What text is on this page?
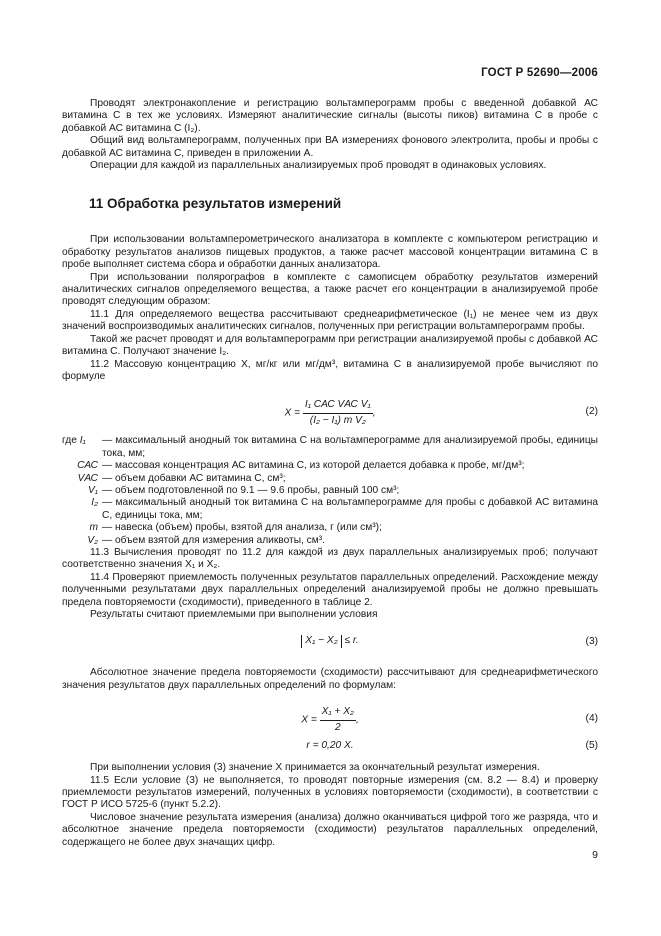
ГОСТ Р 52690—2006

Проводят электронакопление и регистрацию вольтамперограмм пробы с введенной добавкой АС витамина С в тех же условиях. Измеряют аналитические сигналы (высоты пиков) витамина С в пробе с добавкой АС витамина С (I₂).

Общий вид вольтамперограмм, полученных при ВА измерениях фонового электролита, пробы и пробы с добавкой АС витамина С, приведен в приложении А.

Операции для каждой из параллельных анализируемых проб проводят в одинаковых условиях.

11 Обработка результатов измерений

При использовании вольтамперометрического анализатора в комплекте с компьютером регистрацию и обработку результатов анализов пищевых продуктов, а также расчет массовой концентрации витамина С в пробе выполняет система сбора и обработки данных анализатора.

При использовании полярографов в комплекте с самописцем обработку результатов измерений аналитических сигналов определяемого вещества, а также расчет его концентрации в анализируемой пробе проводят следующим образом:

11.1 Для определяемого вещества рассчитывают среднеарифметическое (I₁) не менее чем из двух значений воспроизводимых аналитических сигналов, полученных при регистрации вольтамперограмм пробы.

Такой же расчет проводят и для вольтамперограмм при регистрации анализируемой пробы с добавкой АС витамина С. Получают значение I₂.

11.2 Массовую концентрацию X, мг/кг или мг/дм³, витамина С в анализируемой пробе вычисляют по формуле

$X = \frac{\text{I₁ CАС VАС V₁}}{\text{(I₂ − I₁) m V₂}}$ ,	(2)
где I₁	— максимальный анодный ток витамина С на вольтамперограмме для анализируемой пробы, единицы тока, мм;
CАС — массовая концентрация АС витамина С, из которой делается добавка к пробе, мг/дм³;
VАС — объем добавки АС витамина С, см³;
V₁ — объем подготовленной по 9.1 — 9.6 пробы, равный 100 см³;
I₂ — максимальный анодный ток витамина С на вольтамперограмме для пробы с добавкой АС витамина С, единицы тока, мм;
m — навеска (объем) пробы, взятой для анализа, г (или см³);
V₂ — объем взятой для измерения аликвоты, см³.

11.3 Вычисления проводят по 11.2 для каждой из двух параллельных анализируемых проб; получают соответственно значения X₁ и X₂.

11.4 Проверяют приемлемость полученных результатов параллельных определений. Расхождение между полученными результатами двух параллельных определений анализируемой пробы не должно превышать предела повторяемости (сходимости), приведенного в таблице 2.

Результаты считают приемлемыми при выполнении условия

X₁ − X₂ ≤ r.	(3)

Абсолютное значение предела повторяемости (сходимости) рассчитывают для среднеарифметического значения результатов двух параллельных определений по формулам:

$X = \frac{\text{X₁ + X₂}}{2}$ ,	(4)
r = 0,20 X.	(5)

При выполнении условия (3) значение X принимается за окончательный результат измерения.

11.5 Если условие (3) не выполняется, то проводят повторные измерения (см. 8.2 — 8.4) и проверку приемлемости результатов измерений, полученных в условиях повторяемости (сходимости), в соответствии с ГОСТ Р ИСО 5725-6 (пункт 5.2.2).

Числовое значение результата измерения (анализа) должно оканчиваться цифрой того же разряда, что и абсолютное значение предела повторяемости (сходимости) результатов параллельных определений, содержащего не более двух значащих цифр.

9
